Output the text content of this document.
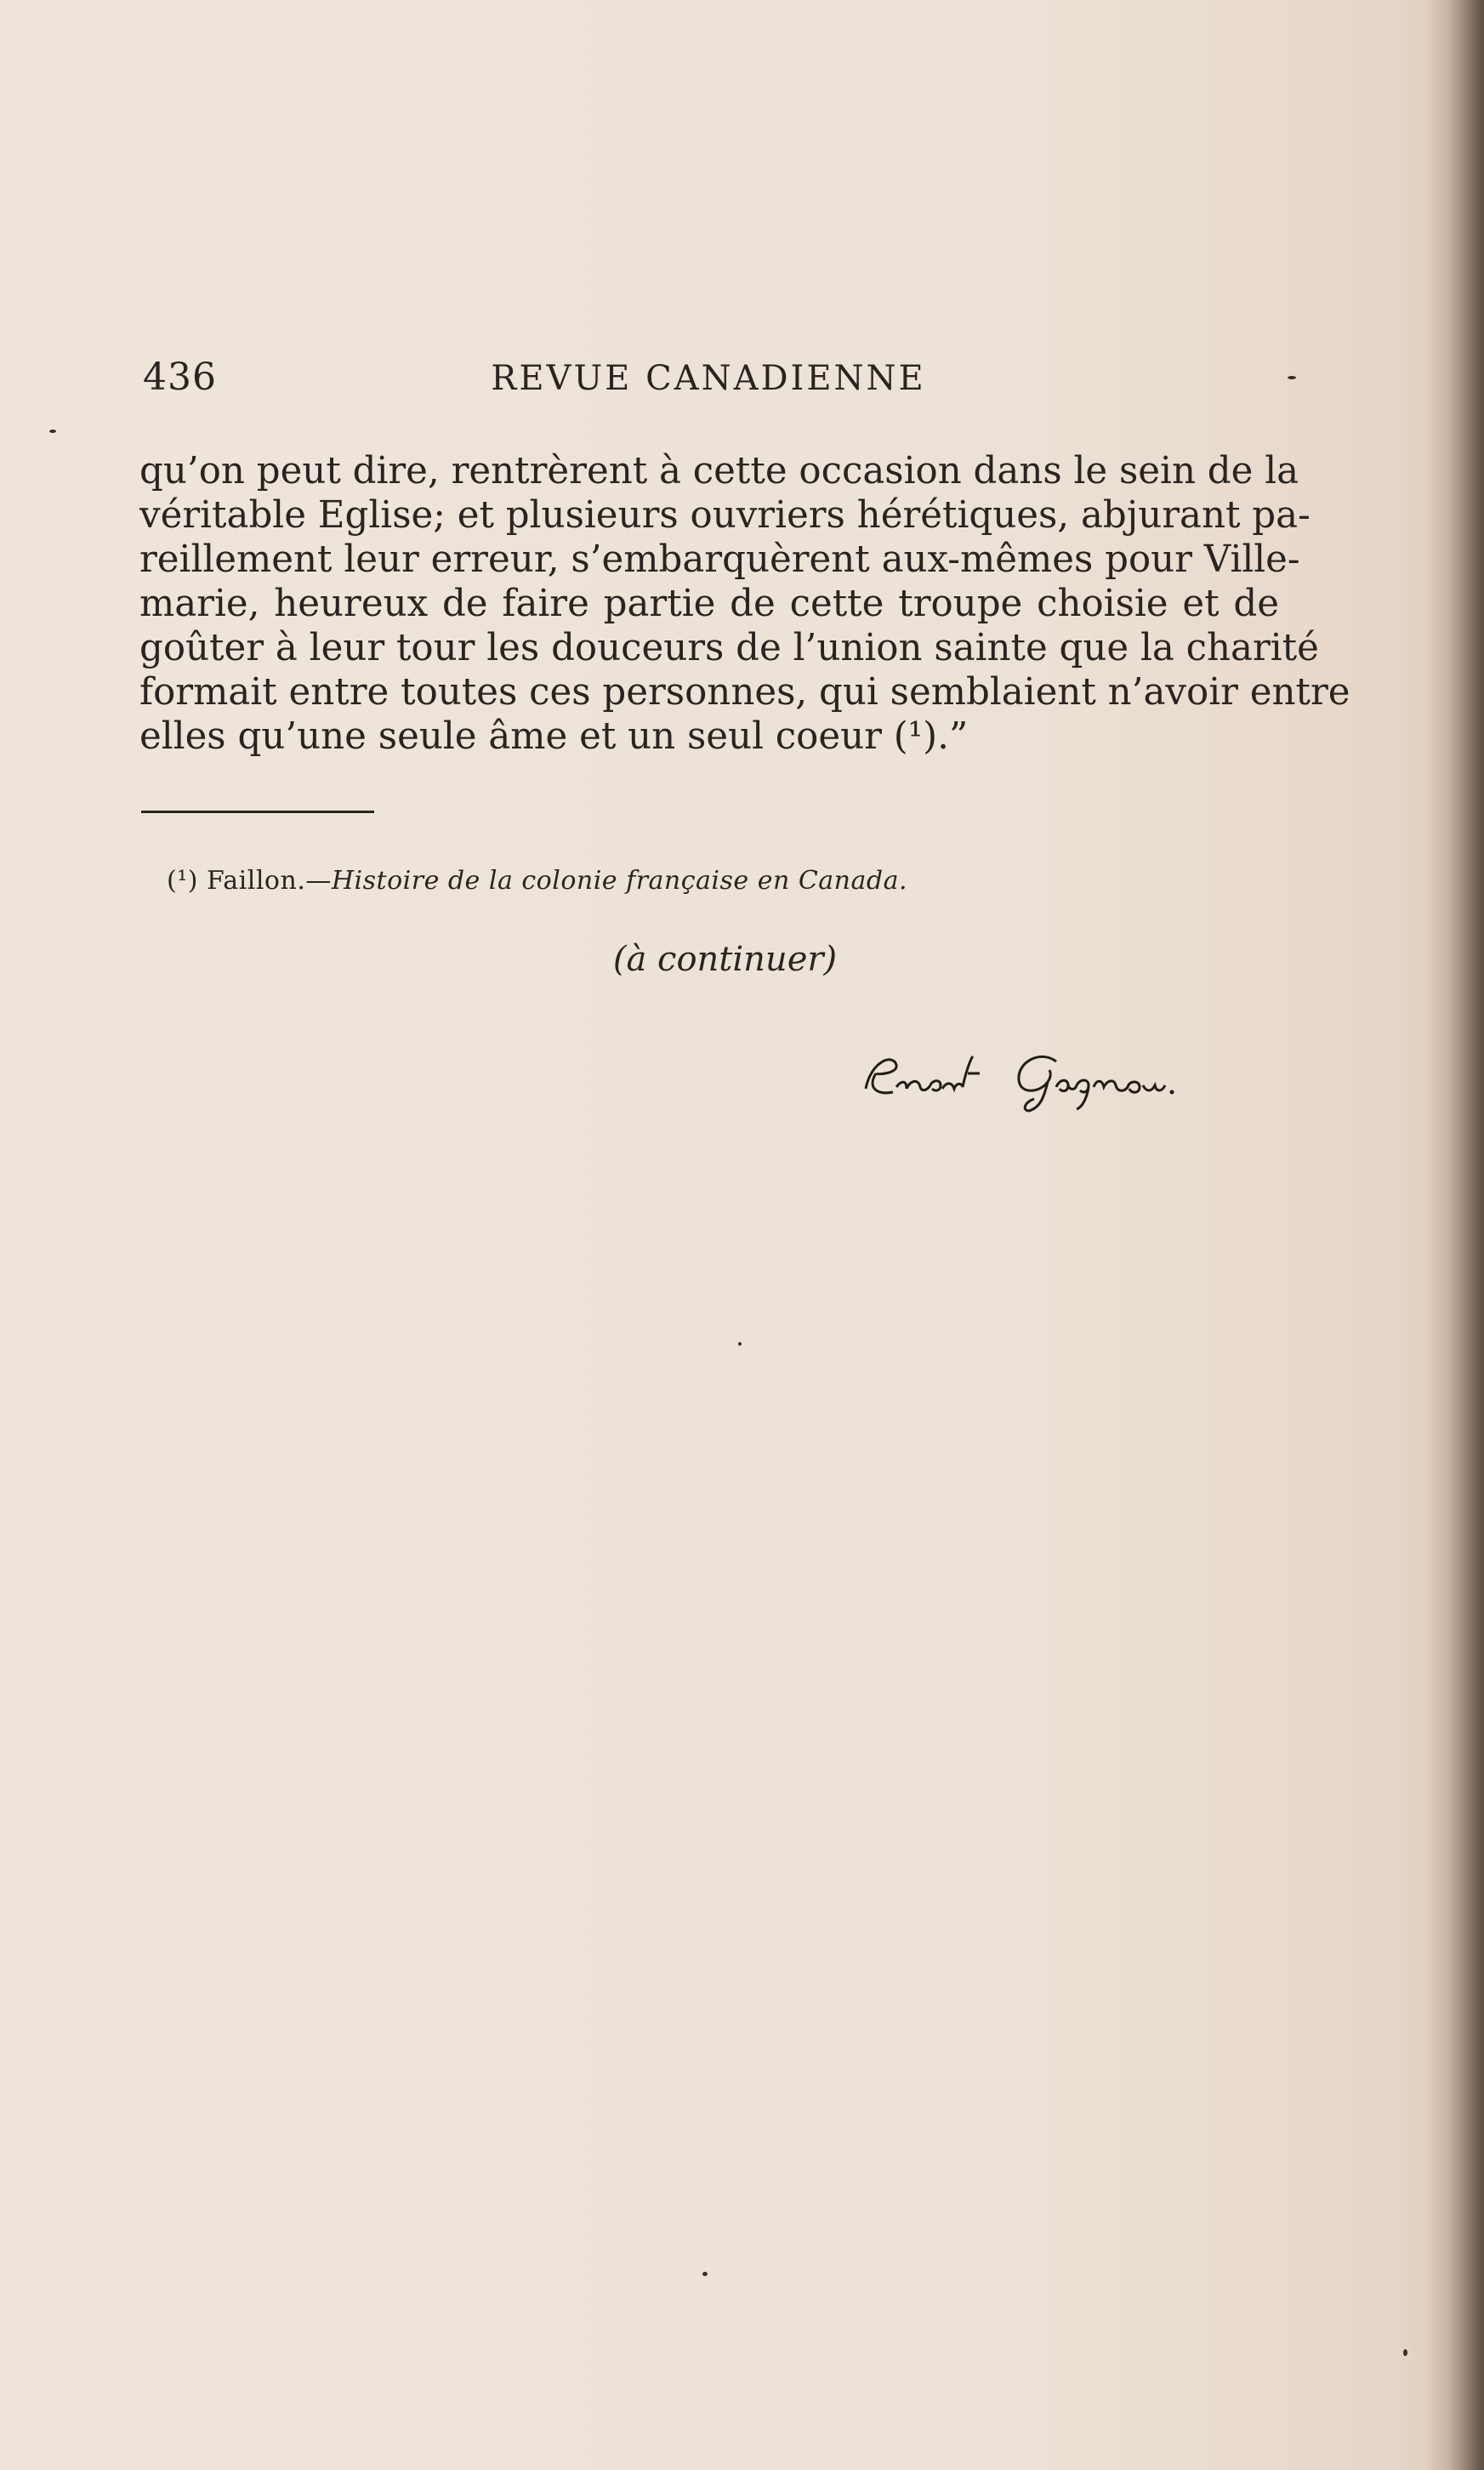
436	REVUE CANADIENNE
qu’on peut dire, rentrèrent à cette occasion dans le sein de la
véritable Eglise; et plusieurs ouvriers hérétiques, abjurant pa-
reillement leur erreur, s’embarquèrent aux-mêmes pour Ville-
marie, heureux de faire partie de cette troupe choisie et de
goûter à leur tour les douceurs de l’union sainte que la charité
formait entre toutes ces personnes, qui semblaient n’avoir entre
elles qu’une seule âme et un seul coeur (¹).”
(¹) Faillon.—Histoire de la colonie française en Canada.
(à continuer)
